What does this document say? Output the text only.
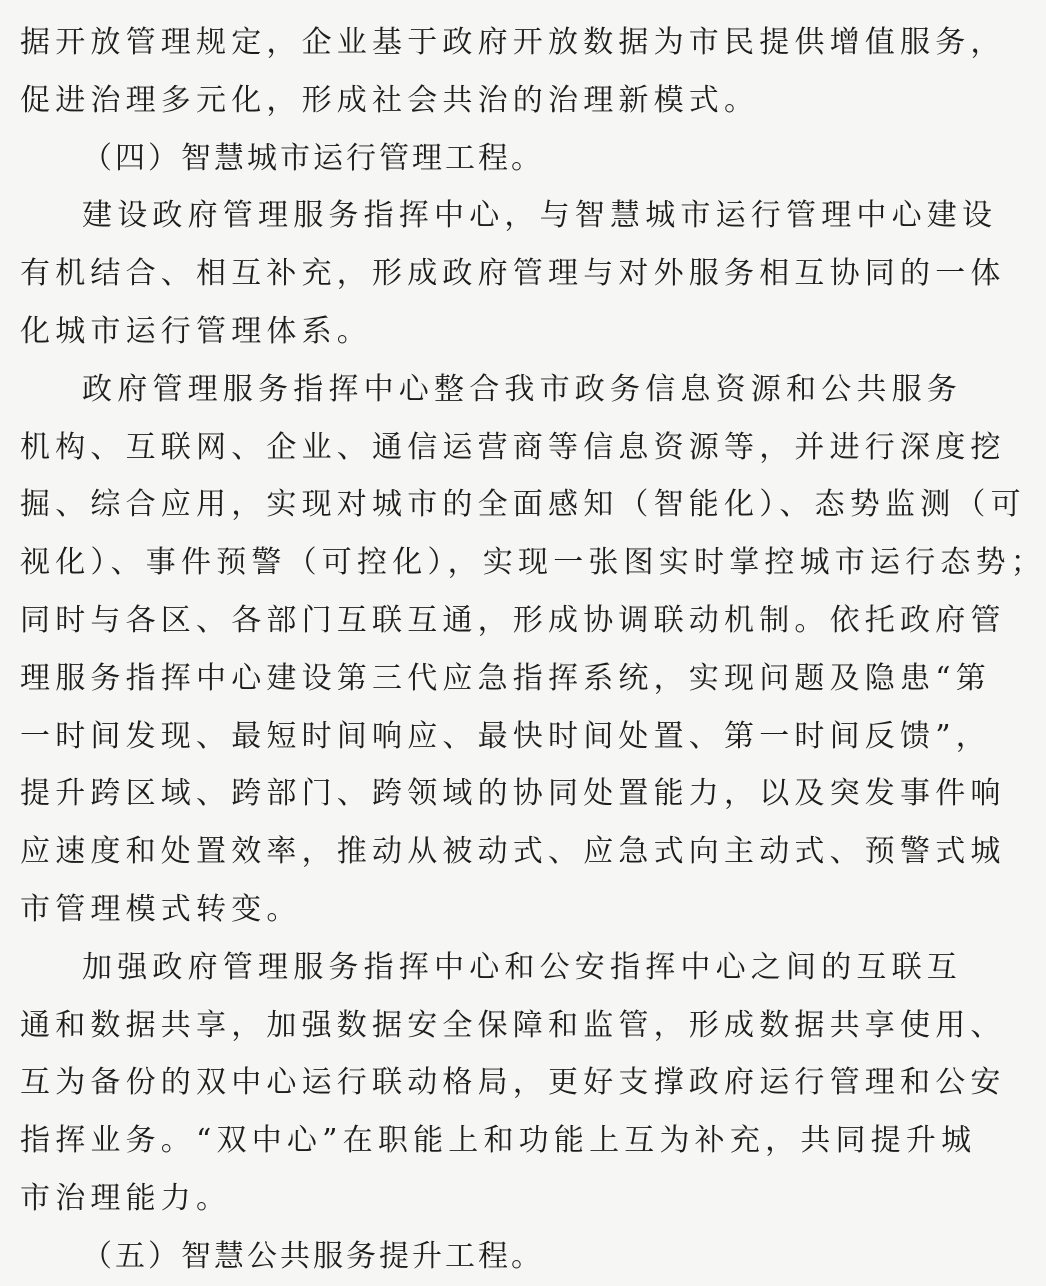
据开放管理规定，企业基于政府开放数据为市民提供增值服务，
促进治理多元化，形成社会共治的治理新模式。
（四）智慧城市运行管理工程。
建设政府管理服务指挥中心，与智慧城市运行管理中心建设
有机结合、相互补充，形成政府管理与对外服务相互协同的一体
化城市运行管理体系。
政府管理服务指挥中心整合我市政务信息资源和公共服务
机构、互联网、企业、通信运营商等信息资源等，并进行深度挖
掘、综合应用，实现对城市的全面感知（智能化）、态势监测（可
视化）、事件预警（可控化），实现一张图实时掌控城市运行态势；
同时与各区、各部门互联互通，形成协调联动机制。依托政府管
理服务指挥中心建设第三代应急指挥系统，实现问题及隐患“第
一时间发现、最短时间响应、最快时间处置、第一时间反馈”，
提升跨区域、跨部门、跨领域的协同处置能力，以及突发事件响
应速度和处置效率，推动从被动式、应急式向主动式、预警式城
市管理模式转变。
加强政府管理服务指挥中心和公安指挥中心之间的互联互
通和数据共享，加强数据安全保障和监管，形成数据共享使用、
互为备份的双中心运行联动格局，更好支撑政府运行管理和公安
指挥业务。“双中心”在职能上和功能上互为补充，共同提升城
市治理能力。
（五）智慧公共服务提升工程。
